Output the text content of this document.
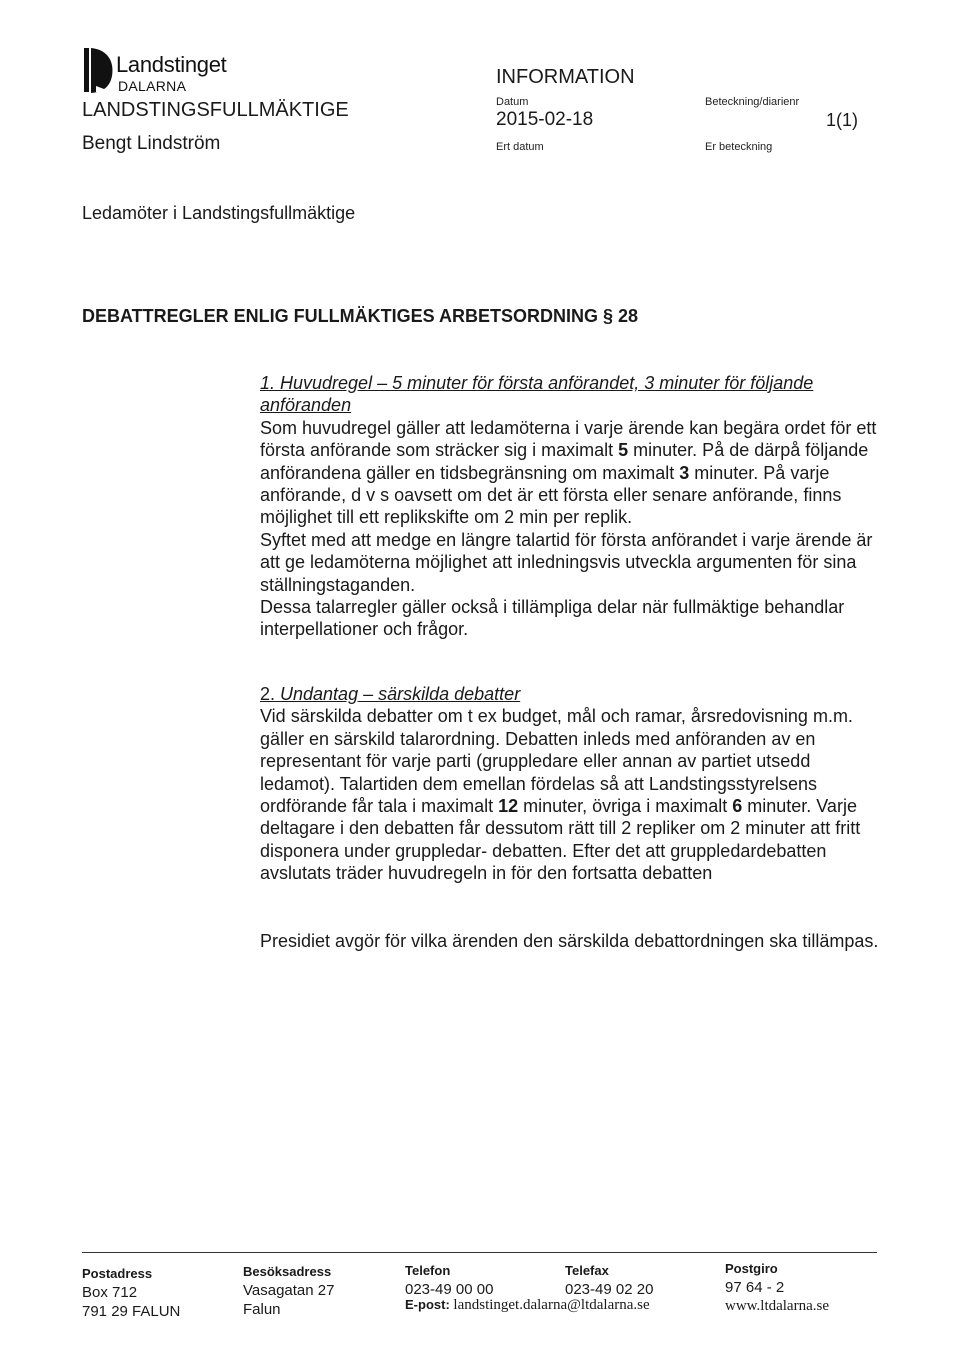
Landstinget
DALARNA
LANDSTINGSFULLMÄKTIGE
Bengt Lindström
INFORMATION
Datum
2015-02-18
Ert datum
Beteckning/diarienr
Er beteckning
1(1)
Ledamöter i Landstingsfullmäktige
DEBATTREGLER ENLIG FULLMÄKTIGES ARBETSORDNING § 28

1. Huvudregel – 5 minuter för första anförandet, 3 minuter för följande anföranden

Som huvudregel gäller att ledamöterna i varje ärende kan begära ordet för ett första anförande som sträcker sig i maximalt 5 minuter. På de därpå följande anförandena gäller en tidsbegränsning om maximalt 3 minuter. På varje anförande, d v s oavsett om det är ett första eller senare anförande, finns möjlighet till ett replikskifte om 2 min per replik.

Syftet med att medge en längre talartid för första anförandet i varje ärende är att ge ledamöterna möjlighet att inledningsvis utveckla argumenten för sina ställningstaganden.

Dessa talarregler gäller också i tillämpliga delar när fullmäktige behandlar interpellationer och frågor.

2. Undantag – särskilda debatter

Vid särskilda debatter om t ex budget, mål och ramar, årsredovisning m.m. gäller en särskild talarordning. Debatten inleds med anföranden av en representant för varje parti (gruppledare eller annan av partiet utsedd ledamot). Talartiden dem emellan fördelas så att Landstingsstyrelsens ordförande får tala i maximalt 12 minuter, övriga i maximalt 6 minuter. Varje deltagare i den debatten får dessutom rätt till 2 repliker om 2 minuter att fritt disponera under gruppledar- debatten. Efter det att gruppledardebatten avslutats träder huvudregeln in för den fortsatta debatten

Presidiet avgör för vilka ärenden den särskilda debattordningen ska tillämpas.

Postadress
Box 712
791 29 FALUN
Besöksadress
Vasagatan 27
Falun
Telefon
023-49 00 00
Telefax
023-49 02 20
Postgiro
97 64 - 2
www.ltdalarna.se
E-post: landstinget.dalarna@ltdalarna.se
